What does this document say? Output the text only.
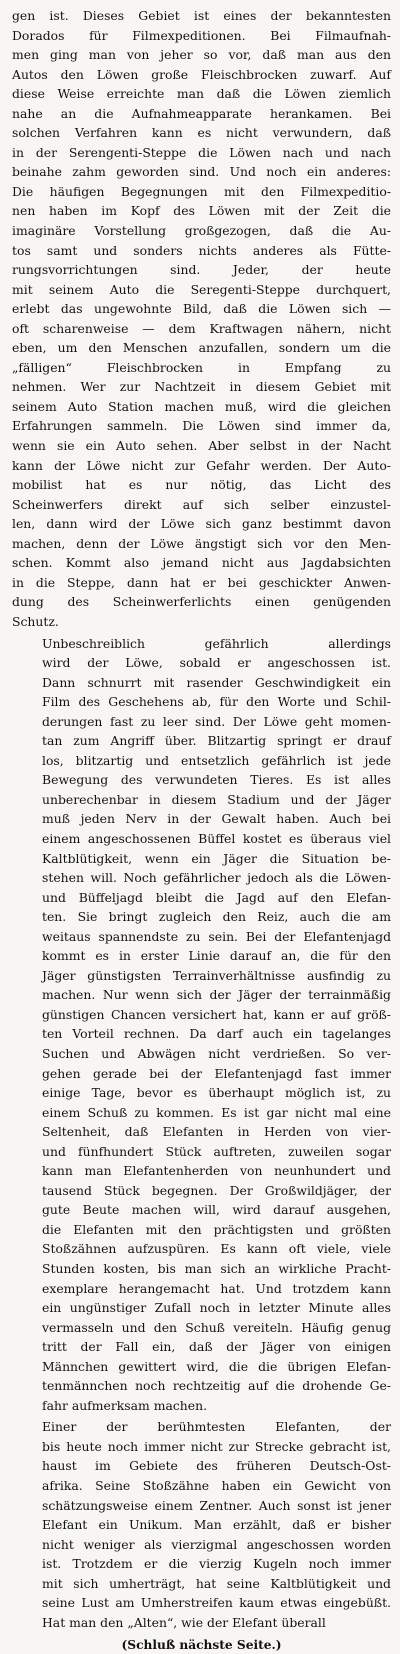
gen ist. Dieses Gebiet ist eines der bekanntesten
Dorados für Filmexpeditionen. Bei Filmaufnah-
men ging man von jeher so vor, daß man aus den
Autos den Löwen große Fleischbrocken zuwarf. Auf
diese Weise erreichte man daß die Löwen ziemlich
nahe an die Aufnahmeapparate herankamen. Bei
solchen Verfahren kann es nicht verwundern, daß
in der Serengenti-Steppe die Löwen nach und nach
beinahe zahm geworden sind. Und noch ein anderes:
Die häufigen Begegnungen mit den Filmexpeditio-
nen haben im Kopf des Löwen mit der Zeit die
imaginäre Vorstellung großgezogen, daß die Au-
tos samt und sonders nichts anderes als Fütte-
rungsvorrichtungen sind. Jeder, der heute
mit seinem Auto die Seregenti-Steppe durchquert,
erlebt das ungewohnte Bild, daß die Löwen sich —
oft scharenweise — dem Kraftwagen nähern, nicht
eben, um den Menschen anzufallen, sondern um die
„fälligen“ Fleischbrocken in Empfang zu
nehmen. Wer zur Nachtzeit in diesem Gebiet mit
seinem Auto Station machen muß, wird die gleichen
Erfahrungen sammeln. Die Löwen sind immer da,
wenn sie ein Auto sehen. Aber selbst in der Nacht
kann der Löwe nicht zur Gefahr werden. Der Auto-
mobilist hat es nur nötig, das Licht des
Scheinwerfers direkt auf sich selber einzustel-
len, dann wird der Löwe sich ganz bestimmt davon
machen, denn der Löwe ängstigt sich vor den Men-
schen. Kommt also jemand nicht aus Jagdabsichten
in die Steppe, dann hat er bei geschickter Anwen-
dung des Scheinwerferlichts einen genügenden
Schutz.
Unbeschreiblich gefährlich allerdings
wird der Löwe, sobald er angeschossen ist.
Dann schnurrt mit rasender Geschwindigkeit ein
Film des Geschehens ab, für den Worte und Schil-
derungen fast zu leer sind. Der Löwe geht momen-
tan zum Angriff über. Blitzartig springt er drauf
los, blitzartig und entsetzlich gefährlich ist jede
Bewegung des verwundeten Tieres. Es ist alles
unberechenbar in diesem Stadium und der Jäger
muß jeden Nerv in der Gewalt haben. Auch bei
einem angeschossenen Büffel kostet es überaus viel
Kaltblütigkeit, wenn ein Jäger die Situation be-
stehen will. Noch gefährlicher jedoch als die Löwen-
und Büffeljagd bleibt die Jagd auf den Elefan-
ten. Sie bringt zugleich den Reiz, auch die am
weitaus spannendste zu sein. Bei der Elefantenjagd
kommt es in erster Linie darauf an, die für den
Jäger günstigsten Terrainverhältnisse ausfindig zu
machen. Nur wenn sich der Jäger der terrainmäßig
günstigen Chancen versichert hat, kann er auf größ-
ten Vorteil rechnen. Da darf auch ein tagelanges
Suchen und Abwägen nicht verdrießen. So ver-
gehen gerade bei der Elefantenjagd fast immer
einige Tage, bevor es überhaupt möglich ist, zu
einem Schuß zu kommen. Es ist gar nicht mal eine
Seltenheit, daß Elefanten in Herden von vier-
und fünfhundert Stück auftreten, zuweilen sogar
kann man Elefantenherden von neunhundert und
tausend Stück begegnen. Der Großwildjäger, der
gute Beute machen will, wird darauf ausgehen,
die Elefanten mit den prächtigsten und größten
Stoßzähnen aufzuspüren. Es kann oft viele, viele
Stunden kosten, bis man sich an wirkliche Pracht-
exemplare herangemacht hat. Und trotzdem kann
ein ungünstiger Zufall noch in letzter Minute alles
vermasseln und den Schuß vereiteln. Häufig genug
tritt der Fall ein, daß der Jäger von einigen
Männchen gewittert wird, die die übrigen Elefan-
tenmännchen noch rechtzeitig auf die drohende Ge-
fahr aufmerksam machen.
Einer der berühmtesten Elefanten, der
bis heute noch immer nicht zur Strecke gebracht ist,
haust im Gebiete des früheren Deutsch-Ost-
afrika. Seine Stoßzähne haben ein Gewicht von
schätzungsweise einem Zentner. Auch sonst ist jener
Elefant ein Unikum. Man erzählt, daß er bisher
nicht weniger als vierzigmal angeschossen worden
ist. Trotzdem er die vierzig Kugeln noch immer
mit sich umherträgt, hat seine Kaltblütigkeit und
seine Lust am Umherstreifen kaum etwas eingebüßt.
Hat man den „Alten“, wie der Elefant überall
(Schluß nächste Seite.)
